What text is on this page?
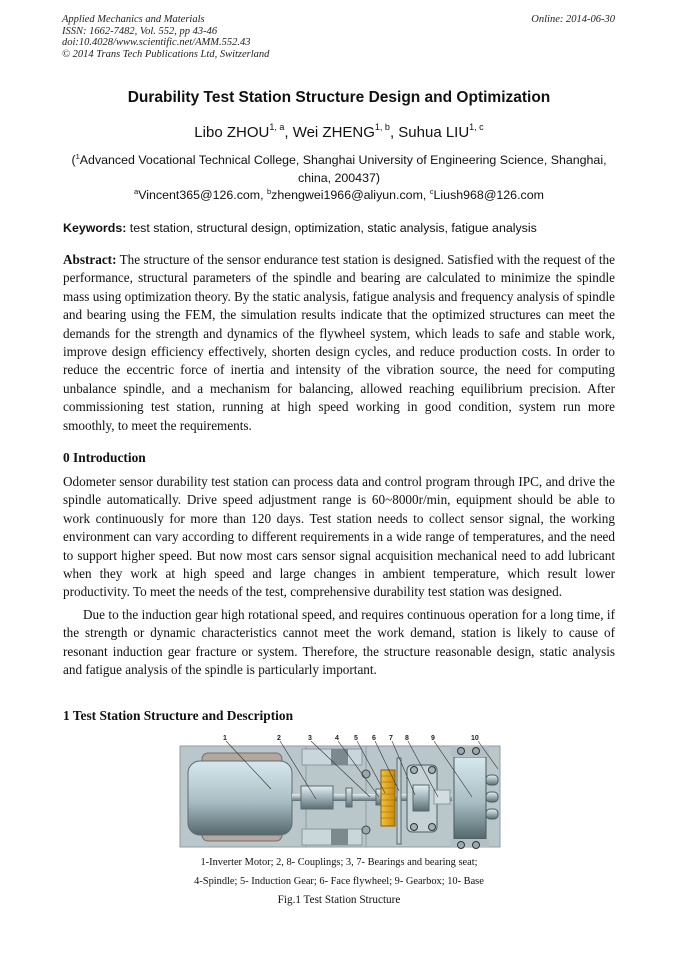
Applied Mechanics and Materials
ISSN: 1662-7482, Vol. 552, pp 43-46
doi:10.4028/www.scientific.net/AMM.552.43
© 2014 Trans Tech Publications Ltd, Switzerland
Online: 2014-06-30
Durability Test Station Structure Design and Optimization
Libo ZHOU$^{1, a}$, Wei ZHENG$^{1, b}$, Suhua LIU$^{1, c}$
($^1$Advanced Vocational Technical College, Shanghai University of Engineering Science, Shanghai, china, 200437)
$^a$Vincent365@126.com, $^b$zhengwei1966@aliyun.com, $^c$Liush968@126.com
Keywords: test station, structural design, optimization, static analysis, fatigue analysis
Abstract: The structure of the sensor endurance test station is designed. Satisfied with the request of the performance, structural parameters of the spindle and bearing are calculated to minimize the spindle mass using optimization theory. By the static analysis, fatigue analysis and frequency analysis of spindle and bearing using the FEM, the simulation results indicate that the optimized structures can meet the demands for the strength and dynamics of the flywheel system, which leads to safe and stable work, improve design efficiency effectively, shorten design cycles, and reduce production costs. In order to reduce the eccentric force of inertia and intensity of the vibration source, the need for computing unbalance spindle, and a mechanism for balancing, allowed reaching equilibrium precision. After commissioning test station, running at high speed working in good condition, system run more smoothly, to meet the requirements.
0 Introduction
Odometer sensor durability test station can process data and control program through IPC, and drive the spindle automatically. Drive speed adjustment range is 60~8000r/min, equipment should be able to work continuously for more than 120 days. Test station needs to collect sensor signal, the working environment can vary according to different requirements in a wide range of temperatures, and the need to support higher speed. But now most cars sensor signal acquisition mechanical need to add lubricant when they work at high speed and large changes in ambient temperature, which result lower productivity. To meet the needs of the test, comprehensive durability test station was designed.
Due to the induction gear high rotational speed, and requires continuous operation for a long time, if the strength or dynamic characteristics cannot meet the work demand, station is likely to cause of resonant induction gear fracture or system. Therefore, the structure reasonable design, static analysis and fatigue analysis of the spindle is particularly important.
1 Test Station Structure and Description
1	2	3	4 5 6 7 8	9	10
1-Inverter Motor; 2, 8- Couplings; 3, 7- Bearings and bearing seat;
4-Spindle; 5- Induction Gear; 6- Face flywheel; 9- Gearbox; 10- Base
Fig.1 Test Station Structure
